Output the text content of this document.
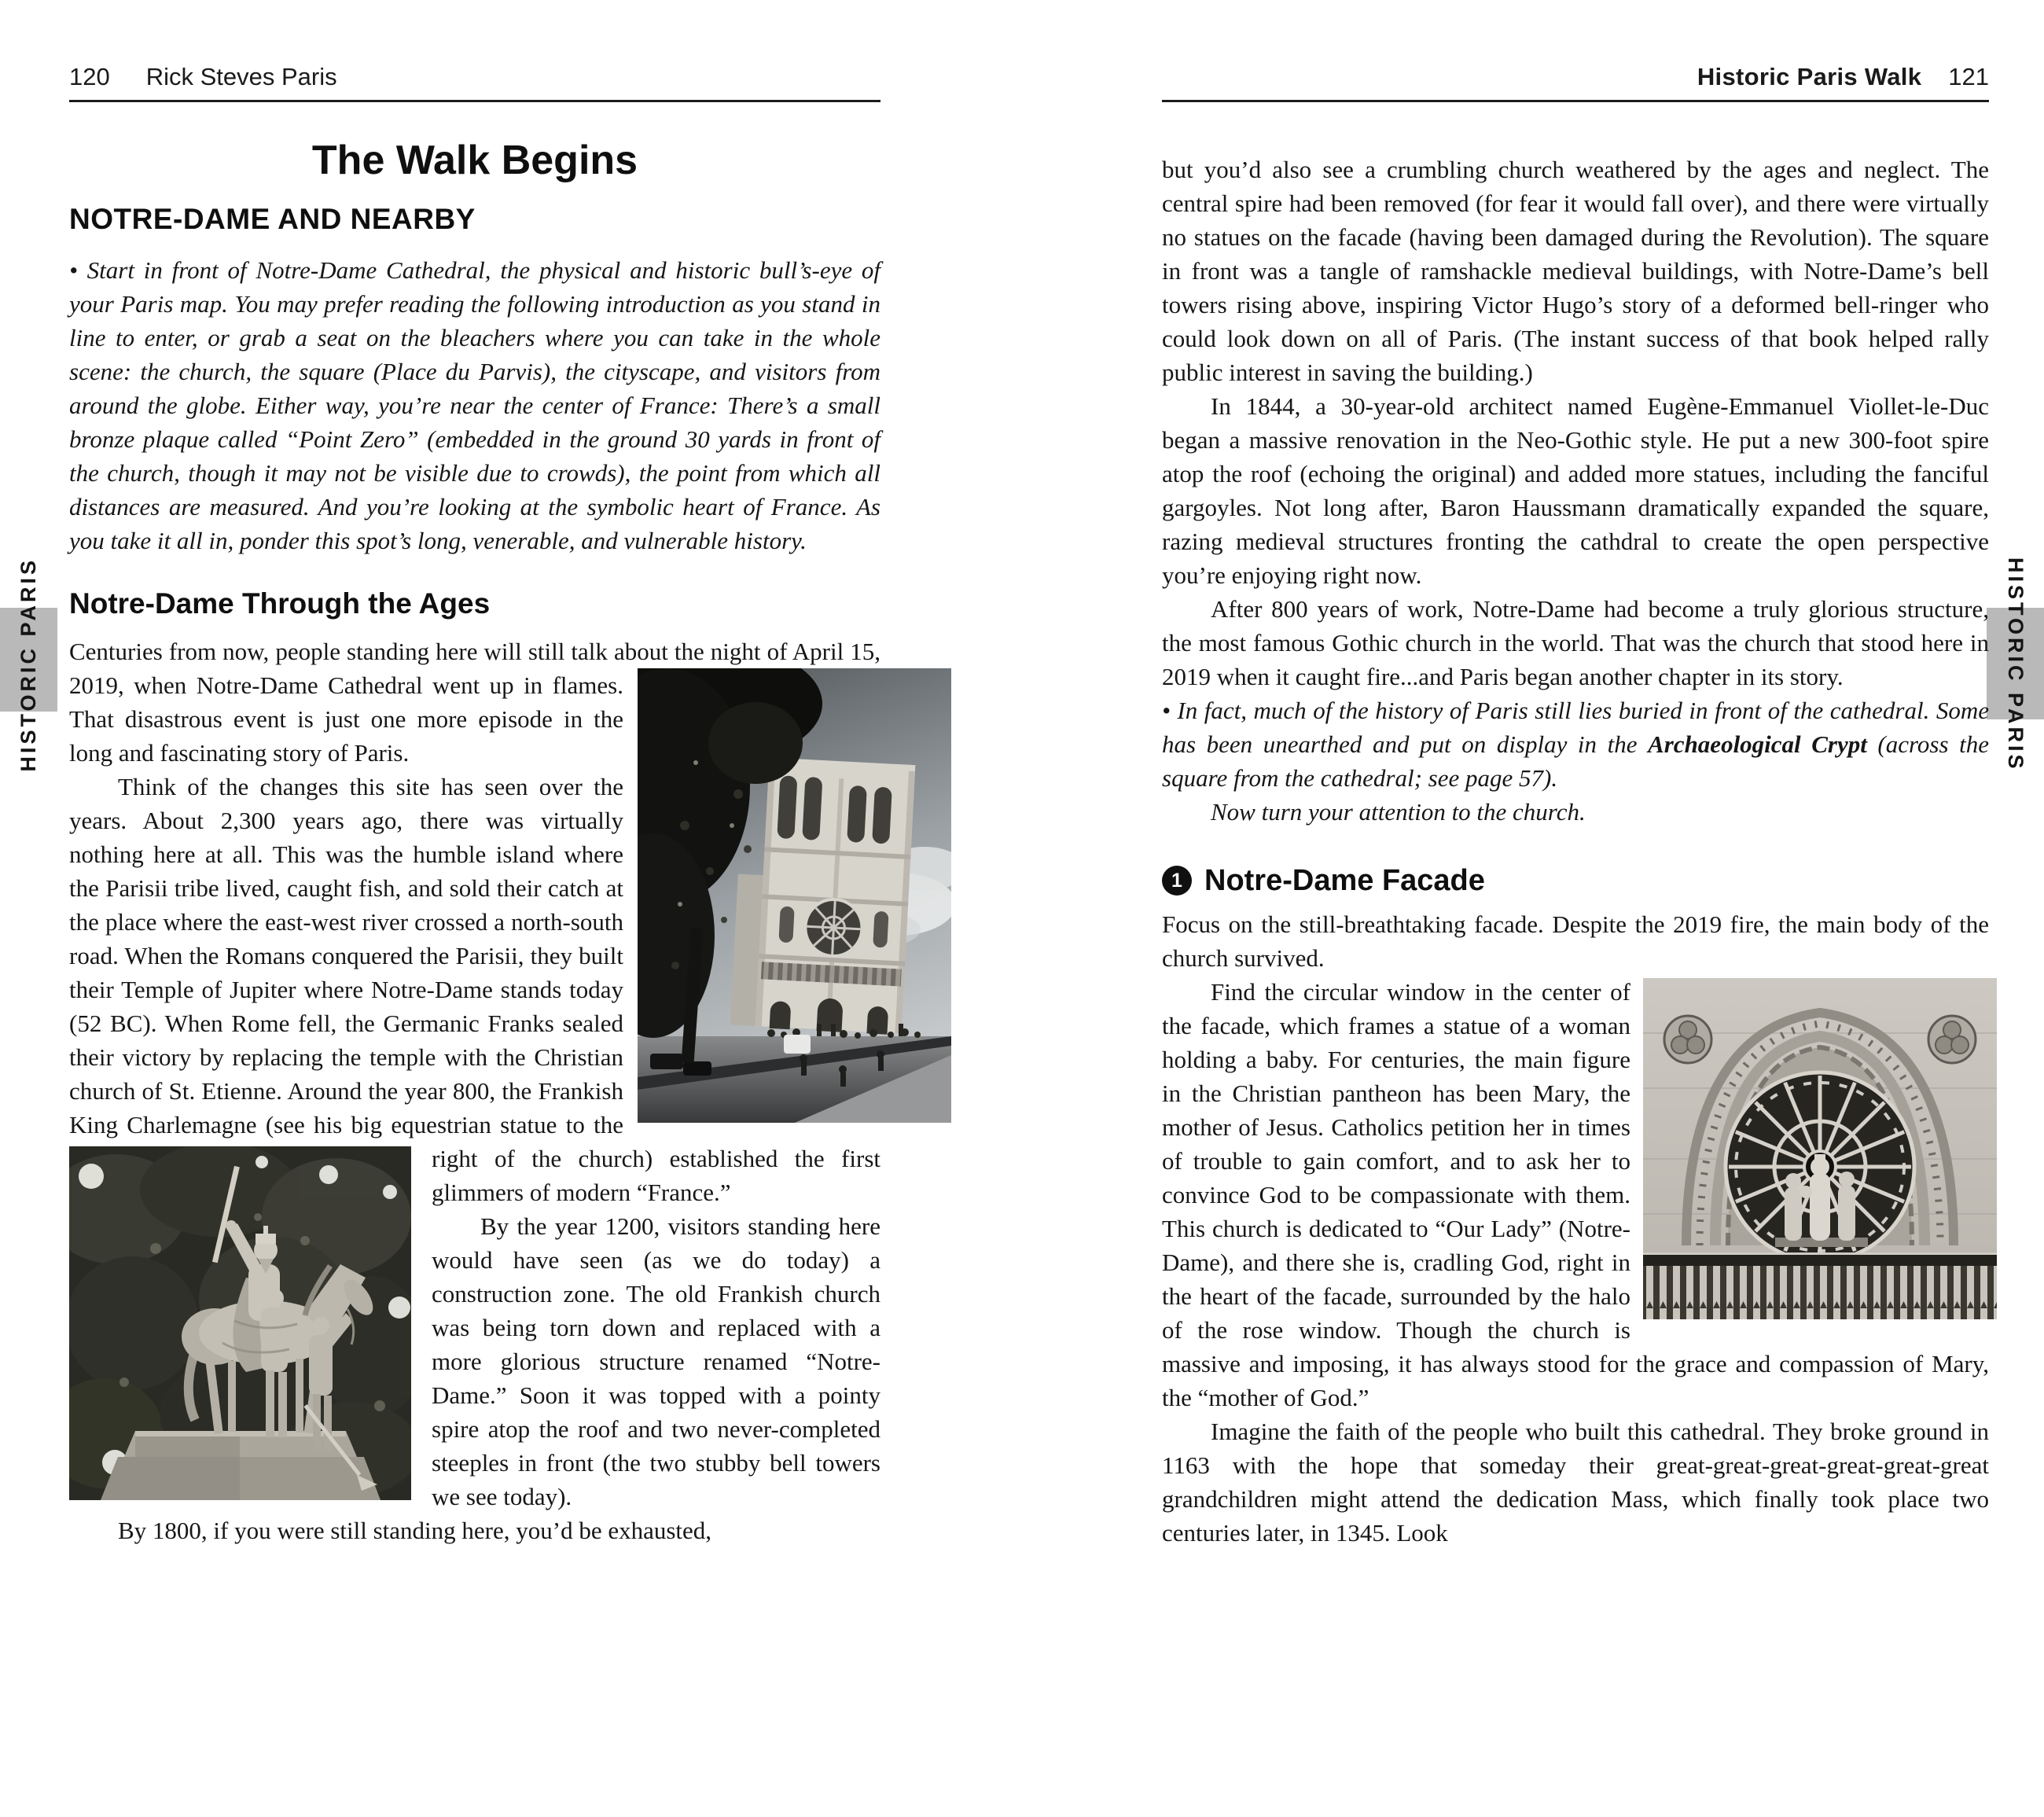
HISTORIC PARIS	HISTORIC PARIS
120 Rick Steves Paris
The Walk Begins
NOTRE-DAME AND NEARBY

• Start in front of Notre-Dame Cathedral, the physical and historic bull’s-eye of your Paris map. You may prefer reading the following introduction as you stand in line to enter, or grab a seat on the bleachers where you can take in the whole scene: the church, the square (Place du Parvis), the cityscape, and visitors from around the globe. Either way, you’re near the center of France: There’s a small bronze plaque called “Point Zero” (embedded in the ground 30 yards in front of the church, though it may not be visible due to crowds), the point from which all distances are measured. And you’re looking at the symbolic heart of France. As you take it all in, ponder this spot’s long, venerable, and vulnerable history.

Notre-Dame Through the Ages

Centuries from now, people standing here will still talk about the night of April 15, 2019, when Notre-Dame Cathedral went up in flames. That disastrous event is just one more episode in the long and fascinating story of Paris.

Think of the changes this site has seen over the years. About 2,300 years ago, there was virtually nothing here at all. This was the humble island where the Parisii tribe lived, caught fish, and sold their catch at the place where the east-west river crossed a north-south road. When the Romans conquered the Parisii, they built their Temple of Jupiter where Notre-Dame stands today (52 BC). When Rome fell, the Germanic Franks sealed their victory by replacing the temple with the Christian church of St. Etienne. Around the year 800, the Frankish King Charlemagne (see his big equestrian statue to the
right of the church) established the first glimmers of modern “France.”

By the year 1200, visitors standing here would have seen (as we do today) a construction zone. The old Frankish church was being torn down and replaced with a more glorious structure renamed “Notre-Dame.” Soon it was topped with a pointy spire atop the roof and two never-completed steeples in front (the two stubby bell towers we see today).

By 1800, if you were still standing here, you’d be exhausted,

Historic Paris Walk 121

but you’d also see a crumbling church weathered by the ages and neglect. The central spire had been removed (for fear it would fall over), and there were virtually no statues on the facade (having been damaged during the Revolution). The square in front was a tangle of ramshackle medieval buildings, with Notre-Dame’s bell towers rising above, inspiring Victor Hugo’s story of a deformed bell-ringer who could look down on all of Paris. (The instant success of that book helped rally public interest in saving the building.)

In 1844, a 30-year-old architect named Eugène-Emmanuel Viollet-le-Duc began a massive renovation in the Neo-Gothic style. He put a new 300-foot spire atop the roof (echoing the original) and added more statues, including the fanciful gargoyles. Not long after, Baron Haussmann dramatically expanded the square, razing medieval structures fronting the cathdral to create the open perspective you’re enjoying right now.

After 800 years of work, Notre-Dame had become a truly glorious structure, the most famous Gothic church in the world. That was the church that stood here in 2019 when it caught fire...and Paris began another chapter in its story.

• In fact, much of the history of Paris still lies buried in front of the cathedral. Some has been unearthed and put on display in the Archaeological Crypt (across the square from the cathedral; see page 57).

Now turn your attention to the church.

1 Notre-Dame Facade

Focus on the still-breathtaking facade. Despite the 2019 fire, the main body of the church survived.

Find the circular window in the center of the facade, which frames a statue of a woman holding a baby. For centuries, the main figure in the Christian pantheon has been Mary, the mother of Jesus. Catholics petition her in times of trouble to gain comfort, and to ask her to convince God to be compassionate with them. This church is dedicated to “Our Lady” (Notre-Dame), and there she is, cradling God, right in the heart of the facade, surrounded by the halo of the rose window. Though the church is massive and imposing, it has always stood for the grace and compassion of Mary, the “mother of God.”

Imagine the faith of the people who built this cathedral. They broke ground in 1163 with the hope that someday their great-great-great-great-great-great grandchildren might attend the dedication Mass, which finally took place two centuries later, in 1345. Look
